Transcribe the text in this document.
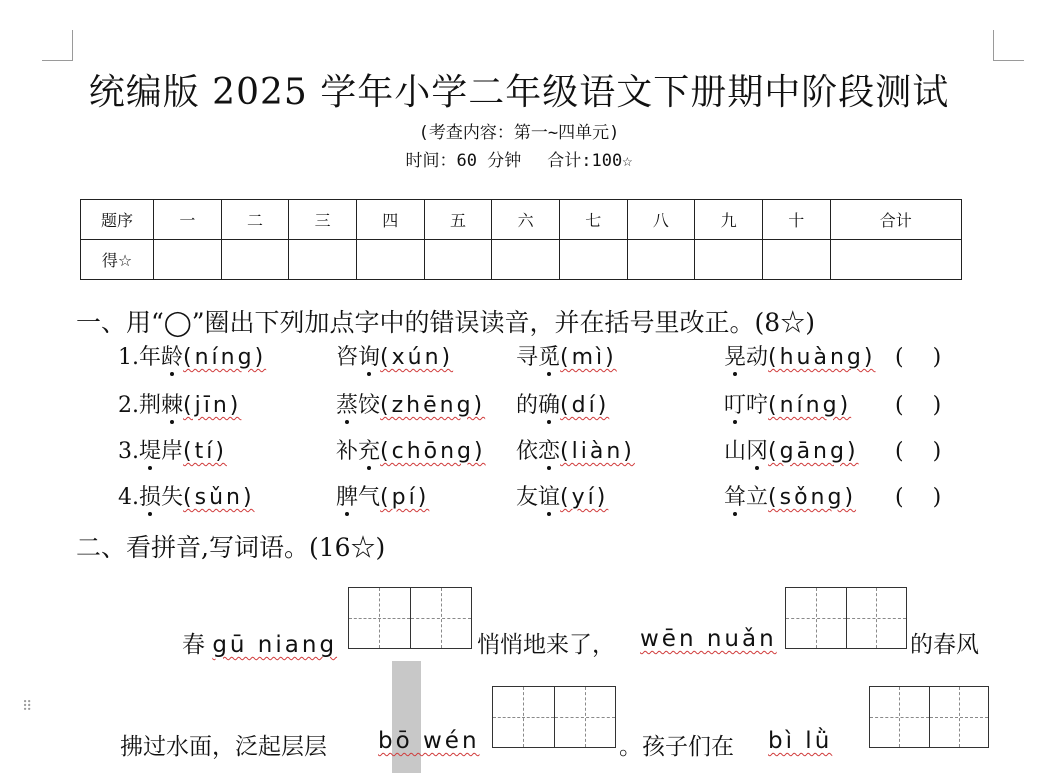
⠿
统编版 2025 学年小学二年级语文下册期中阶段测试
(考查内容：第一~四单元)
时间：60 分钟 合计:100☆
题序	一	二	三	四	五	六	七	八	九	十	合计
得☆											
一、用“◯”圈出下列加点字中的错误读音，并在括号里改正。(8☆)
1.年龄(níng)	咨询(xún)	寻觅(mì)	晃动(huàng) (　 )
2.荆棘(jīn)	蒸饺(zhēng) 的确(dí)	叮咛(níng) (　 )
3.堤岸(tí)	补充(chōng) 依恋(liàn)	山冈(gāng) (　 )
4.损失(sǔn)	脾气(pí)	友谊(yí)	耸立(sǒng) (　 )
二、看拼音,写词语。(16☆)
春 gū niang	悄悄地来了， wēn nuǎn	的春风
拂过水面，泛起层层 bō wén	。孩子们在 bì lǜ
